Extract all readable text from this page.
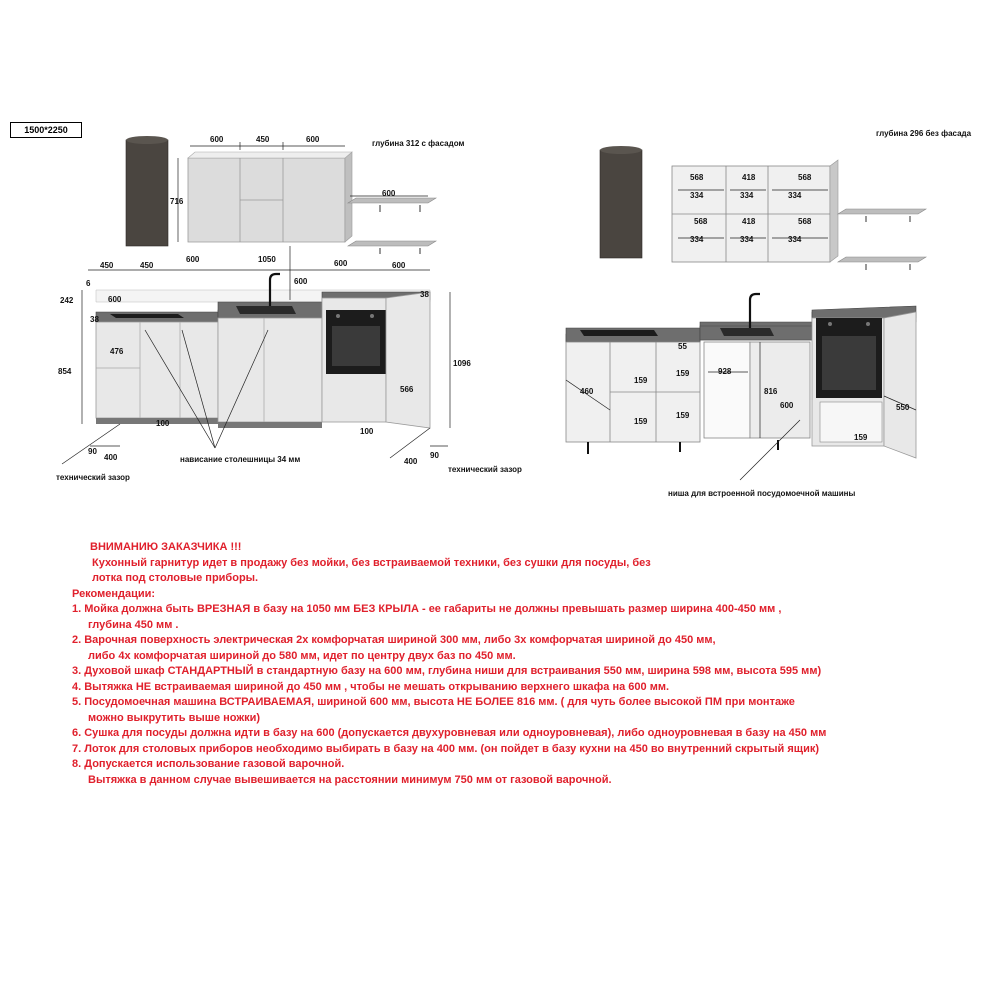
1500*2250
600	450	600	глубина 312 с фасадом
716
600
450	450
600	1050	600	600
6
242	600
600
38
38
476
854
1096
566
100
100
90
400	400
90
нависание столешницы 34 мм
технический зазор
технический зазор
глубина 296 без фасада
568	418	568
334	334	334
568	418	568
334	334	334
55
159
159
159
159
159
460
928
816
600	550
ниша для встроенной посудомоечной машины
ВНИМАНИЮ ЗАКАЗЧИКА !!!
Кухонный гарнитур идет в продажу без мойки, без встраиваемой техники, без сушки для посуды, без
лотка под столовые приборы.
Рекомендации:
1. Мойка должна быть ВРЕЗНАЯ в базу на 1050 мм БЕЗ КРЫЛА - ее габариты не должны превышать размер ширина 400-450 мм ,
глубина 450 мм .
2. Варочная поверхность электрическая 2х комфорчатая шириной 300 мм, либо 3х комфорчатая шириной до 450 мм,
либо 4х комфорчатая шириной до 580 мм, идет по центру двух баз по 450 мм.
3. Духовой шкаф СТАНДАРТНЫЙ в стандартную базу на 600 мм, глубина ниши для встраивания 550 мм, ширина 598 мм, высота 595 мм)
4. Вытяжка НЕ встраиваемая шириной до 450 мм , чтобы не мешать открыванию верхнего шкафа на 600 мм.
5. Посудомоечная машина ВСТРАИВАЕМАЯ, шириной 600 мм, высота НЕ БОЛЕЕ 816 мм. ( для чуть более высокой ПМ при монтаже
можно выкрутить выше ножки)
6. Сушка для посуды должна идти в базу на 600 (допускается двухуровневая или одноуровневая), либо одноуровневая в базу на 450 мм
7. Лоток для столовых приборов необходимо выбирать в базу на 400 мм. (он пойдет в базу кухни на 450 во внутренний скрытый ящик)
8. Допускается использование газовой варочной.
Вытяжка в данном случае вывешивается на расстоянии минимум 750 мм от газовой варочной.
